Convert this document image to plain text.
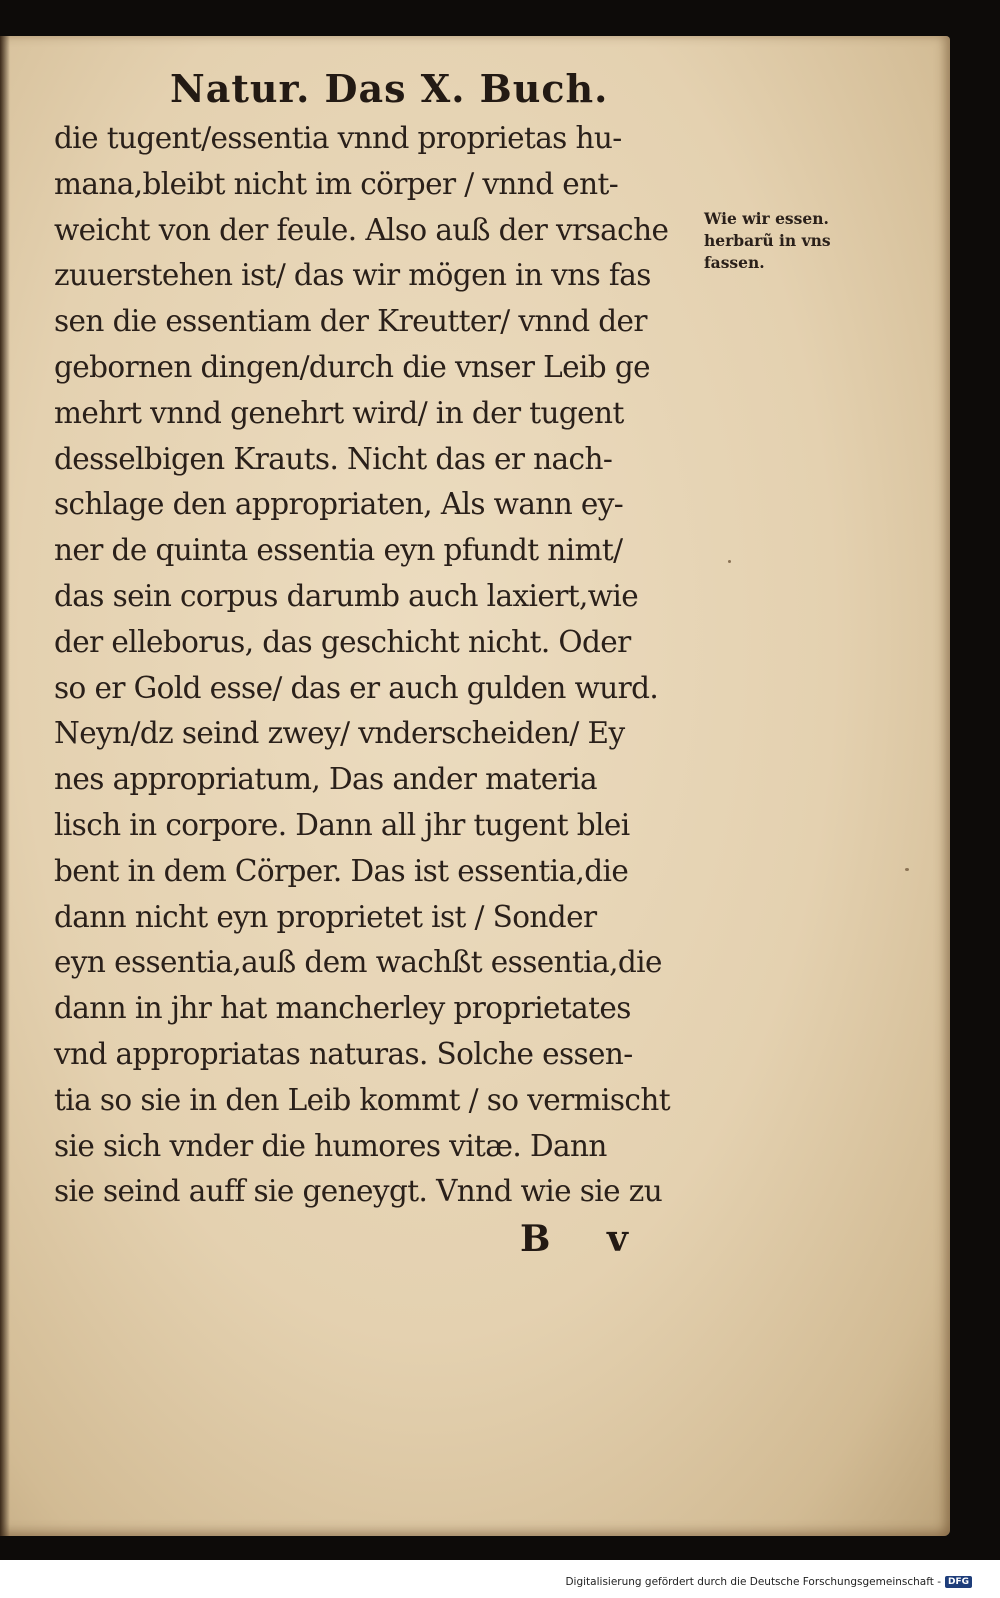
Natur. Das X. Buch.
die tugent/essentia vnnd proprietas hu-
mana,bleibt nicht im cörper / vnnd ent-
weicht von der feule. Also auß der vrsache
zuuerstehen ist/ das wir mögen in vns fas
sen die essentiam der Kreutter/ vnnd der
gebornen dingen/durch die vnser Leib ge
mehrt vnnd genehrt wird/ in der tugent
desselbigen Krauts. Nicht das er nach-
schlage den appropriaten, Als wann ey-
ner de quinta essentia eyn pfundt nimt/
das sein corpus darumb auch laxiert,wie
der elleborus, das geschicht nicht. Oder
so er Gold esse/ das er auch gulden wurd.
Neyn/dz seind zwey/ vnderscheiden/ Ey
nes appropriatum, Das ander materia
lisch in corpore. Dann all jhr tugent blei
bent in dem Cörper. Das ist essentia,die
dann nicht eyn proprietet ist / Sonder
eyn essentia,auß dem wachßt essentia,die
dann in jhr hat mancherley proprietates
vnd appropriatas naturas. Solche essen-
tia so sie in den Leib kommt / so vermischt
sie sich vnder die humores vitæ. Dann
sie seind auff sie geneygt. Vnnd wie sie zu
Wie wir essen.
herbarũ in vns
fassen.
B v
Digitalisierung gefördert durch die Deutsche Forschungsgemeinschaft - DFG
